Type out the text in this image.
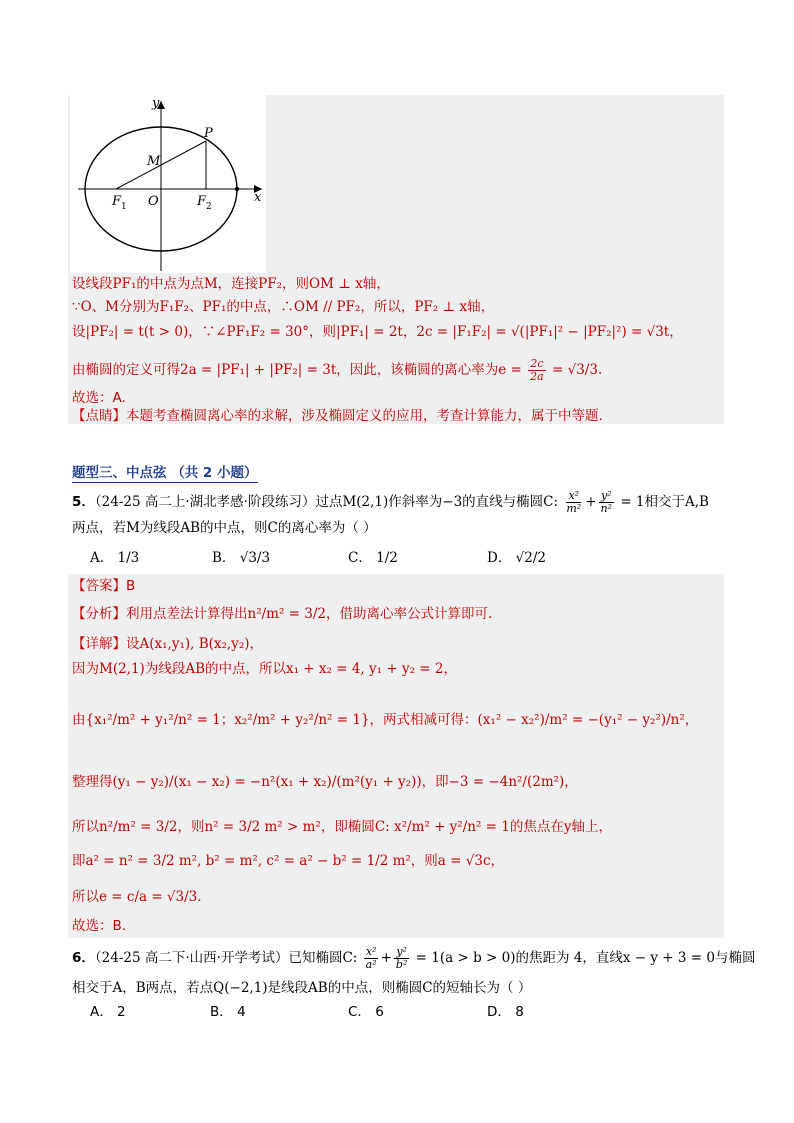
y
x
P
M
F 1 O	F 2
设线段PF₁的中点为点M，连接PF₂，则OM ⊥ x轴，
∵O、M分别为F₁F₂、PF₁的中点，∴OM // PF₂，所以，PF₂ ⊥ x轴，
设|PF₂| = t(t > 0)，∵∠PF₁F₂ = 30°，则|PF₁| = 2t，2c = |F₁F₂| = √(|PF₁|² − |PF₂|²) = √3t，
由椭圆的定义可得2a = |PF₁| + |PF₂| = 3t，因此，该椭圆的离心率为$e = \frac{2c}{2a} = √3/3$.
故选：A.
【点睛】本题考查椭圆离心率的求解，涉及椭圆定义的应用，考查计算能力，属于中等题.
题型三、中点弦 （共 2 小题）
5．（24-25 高二上·湖北孝感·阶段练习）过点M(2,1)作斜率为−3的直线与椭圆C: $\frac{\text{x²}}{\text{m²}} + \frac{\text{y²}}{\text{n²}} = 1$相交于A,B
两点，若M为线段AB的中点，则C的离心率为（ ）
A． 1/3	B． √3/3	C． 1/2	D． √2/2
【答案】B
【分析】利用点差法计算得出n²/m² = 3/2，借助离心率公式计算即可.
【详解】设A(x₁,y₁), B(x₂,y₂)，
因为M(2,1)为线段AB的中点，所以x₁ + x₂ = 4, y₁ + y₂ = 2，
由{x₁²/m² + y₁²/n² = 1；x₂²/m² + y₂²/n² = 1}，两式相减可得：(x₁² − x₂²)/m² = −(y₁² − y₂²)/n²，
整理得(y₁ − y₂)/(x₁ − x₂) = −n²(x₁ + x₂)/(m²(y₁ + y₂))，即−3 = −4n²/(2m²)，
所以n²/m² = 3/2，则n² = 3/2 m² > m²，即椭圆C: x²/m² + y²/n² = 1的焦点在y轴上，
即a² = n² = 3/2 m², b² = m², c² = a² − b² = 1/2 m²，则a = √3c，
所以e = c/a = √3/3.
故选：B.
6．（24-25 高二下·山西·开学考试）已知椭圆C: $\frac{\text{x²}}{\text{a²}} + \frac{\text{y²}}{\text{b²}} = 1(a > b > 0)$的焦距为 4，直线x − y + 3 = 0与椭圆
相交于A，B两点，若点Q(−2,1)是线段AB的中点，则椭圆C的短轴长为（ ）
A． 2	B． 4	C． 6	D． 8
